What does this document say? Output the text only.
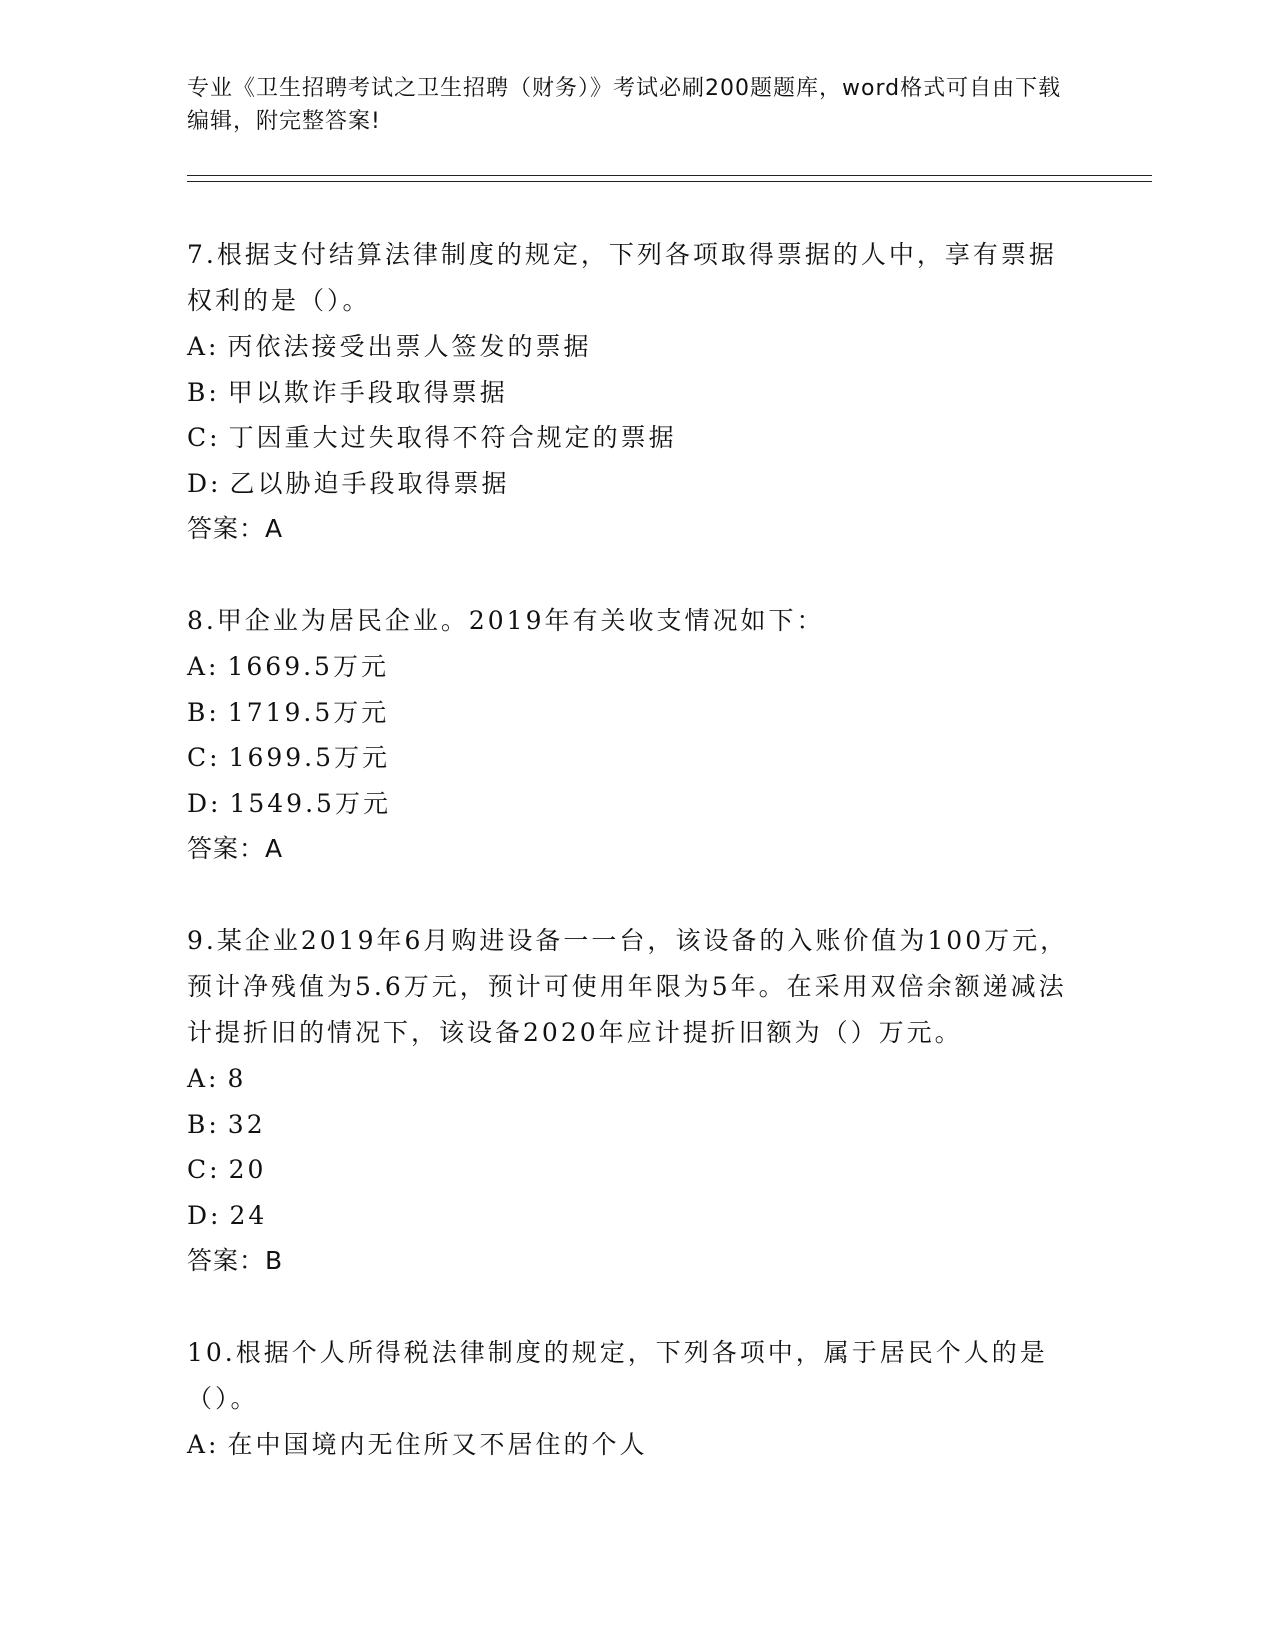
专业《卫生招聘考试之卫生招聘（财务）》考试必刷200题题库，word格式可自由下载编辑，附完整答案!

7.根据支付结算法律制度的规定，下列各项取得票据的人中，享有票据权利的是（）。

A: 丙依法接受出票人签发的票据

B: 甲以欺诈手段取得票据

C: 丁因重大过失取得不符合规定的票据

D: 乙以胁迫手段取得票据

答案：A

8.甲企业为居民企业。2019年有关收支情况如下：

A: 1669.5万元

B: 1719.5万元

C: 1699.5万元

D: 1549.5万元

答案：A

9.某企业2019年6月购进设备一一台，该设备的入账价值为100万元，预计净残值为5.6万元，预计可使用年限为5年。在采用双倍余额递减法计提折旧的情况下，该设备2020年应计提折旧额为（）万元。

A: 8

B: 32

C: 20

D: 24

答案：B

10.根据个人所得税法律制度的规定，下列各项中，属于居民个人的是（）。

A: 在中国境内无住所又不居住的个人
